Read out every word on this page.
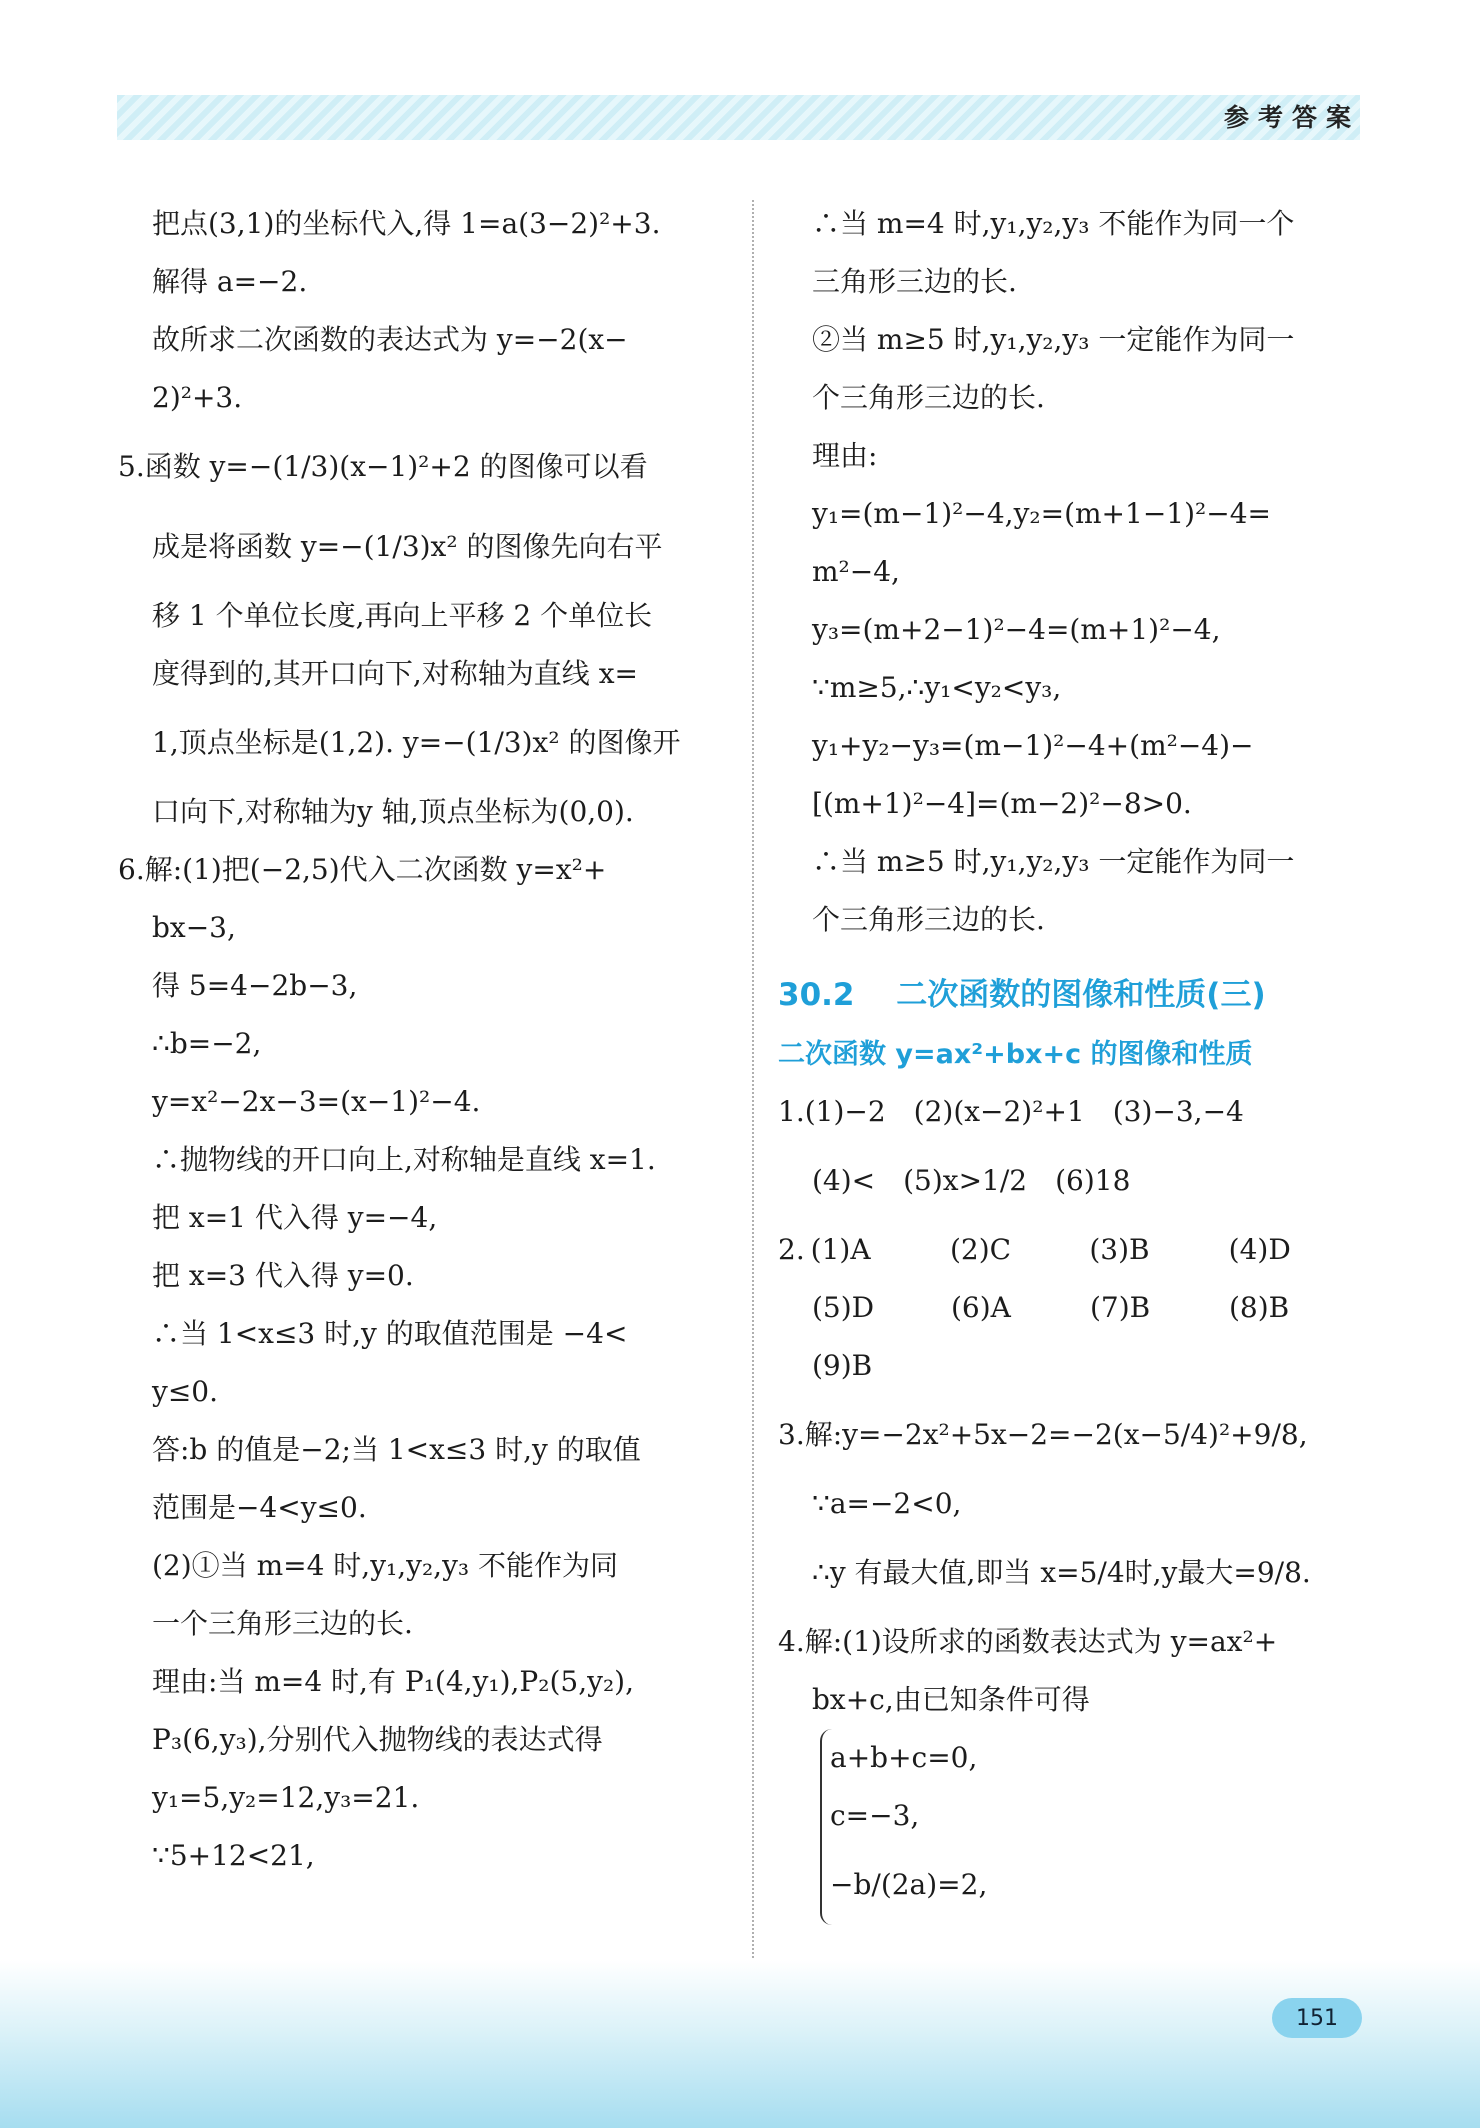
参考答案
把点(3,1)的坐标代入,得 1=a(3−2)²+3.
解得 a=−2.
故所求二次函数的表达式为 y=−2(x−
2)²+3.
5.函数 y=−(1/3)(x−1)²+2 的图像可以看
成是将函数 y=−(1/3)x² 的图像先向右平
移 1 个单位长度,再向上平移 2 个单位长
度得到的,其开口向下,对称轴为直线 x=
1,顶点坐标是(1,2). y=−(1/3)x² 的图像开
口向下,对称轴为y 轴,顶点坐标为(0,0).
6.解:(1)把(−2,5)代入二次函数 y=x²+
bx−3,
得 5=4−2b−3,
∴b=−2,
y=x²−2x−3=(x−1)²−4.
∴抛物线的开口向上,对称轴是直线 x=1.
把 x=1 代入得 y=−4,
把 x=3 代入得 y=0.
∴当 1<x≤3 时,y 的取值范围是 −4<
y≤0.
答:b 的值是−2;当 1<x≤3 时,y 的取值
范围是−4<y≤0.
(2)①当 m=4 时,y₁,y₂,y₃ 不能作为同
一个三角形三边的长.
理由:当 m=4 时,有 P₁(4,y₁),P₂(5,y₂),
P₃(6,y₃),分别代入抛物线的表达式得
y₁=5,y₂=12,y₃=21.
∵5+12<21,
∴当 m=4 时,y₁,y₂,y₃ 不能作为同一个
三角形三边的长.
②当 m≥5 时,y₁,y₂,y₃ 一定能作为同一
个三角形三边的长.
理由:
y₁=(m−1)²−4,y₂=(m+1−1)²−4=
m²−4,
y₃=(m+2−1)²−4=(m+1)²−4,
∵m≥5,∴y₁<y₂<y₃,
y₁+y₂−y₃=(m−1)²−4+(m²−4)−
[(m+1)²−4]=(m−2)²−8>0.
∴当 m≥5 时,y₁,y₂,y₃ 一定能作为同一
个三角形三边的长.
30.2　 二次函数的图像和性质(三)
二次函数 y=ax²+bx+c 的图像和性质
1.(1)−2　(2)(x−2)²+1　(3)−3,−4
(4)<　(5)x>1/2　(6)18
2. (1)A	(2)C	(3)B	(4)D
(5)D	(6)A	(7)B	(8)B
(9)B
3.解:y=−2x²+5x−2=−2(x−5/4)²+9/8,
∵a=−2<0,
∴y 有最大值,即当 x=5/4时,y最大=9/8.
4.解:(1)设所求的函数表达式为 y=ax²+
bx+c,由已知条件可得
a+b+c=0,
c=−3,
−b/(2a)=2,
151
